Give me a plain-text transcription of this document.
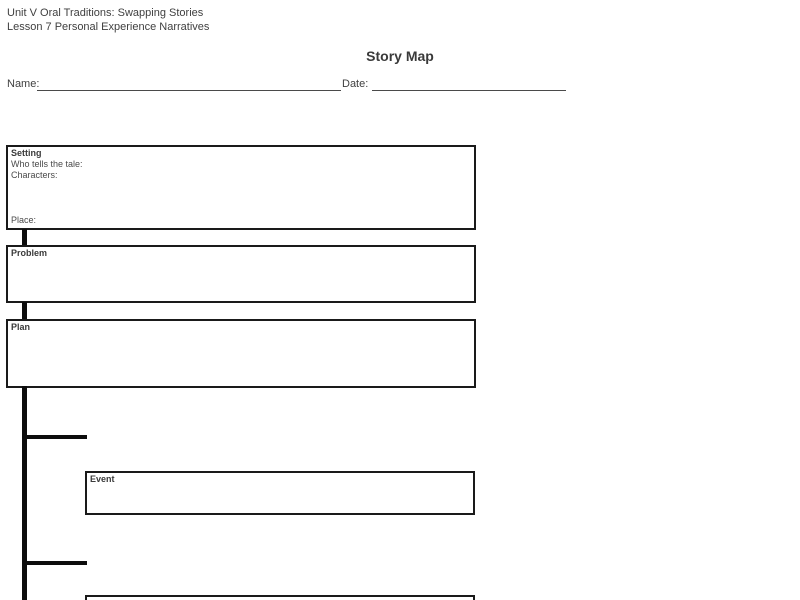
Unit V Oral Traditions: Swapping Stories
Lesson 7 Personal Experience Narratives
Story Map
Name:	Date:
Setting
Who tells the tale:
Characters:
Place:
Problem
Plan
Event
